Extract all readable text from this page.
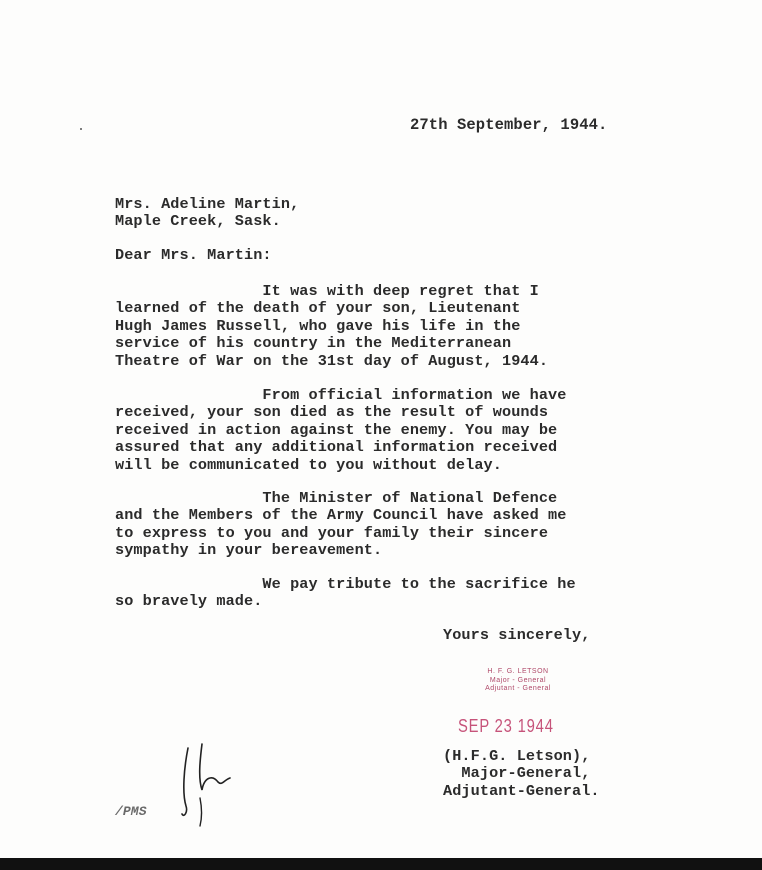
27th September, 1944.
Mrs. Adeline Martin,
Maple Creek, Sask.
Dear Mrs. Martin:
It was with deep regret that I
learned of the death of your son, Lieutenant
Hugh James Russell, who gave his life in the
service of his country in the Mediterranean
Theatre of War on the 31st day of August, 1944.
From official information we have
received, your son died as the result of wounds
received in action against the enemy. You may be
assured that any additional information received
will be communicated to you without delay.
The Minister of National Defence
and the Members of the Army Council have asked me
to express to you and your family their sincere
sympathy in your bereavement.
We pay tribute to the sacrifice he
so bravely made.
Yours sincerely,
H. F. G. LETSON
Major - General
Adjutant - General
SEP 23 1944
(H.F.G. Letson),
Major-General,
Adjutant-General.
/PMS
